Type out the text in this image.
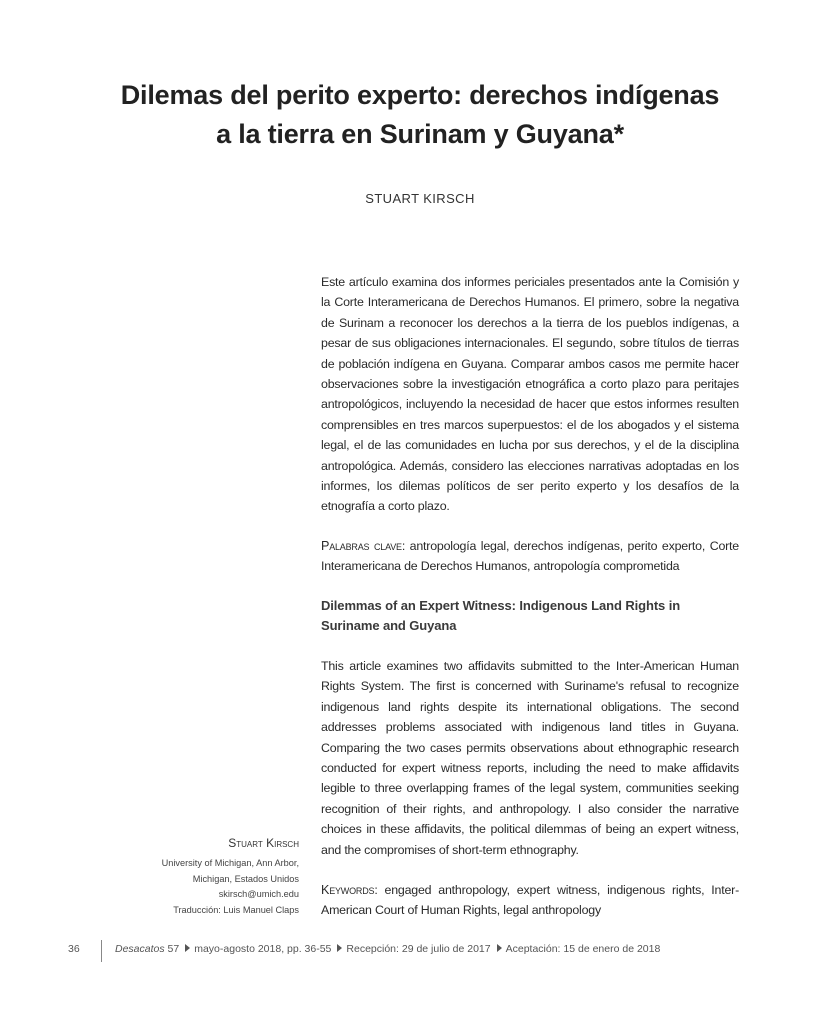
Dilemas del perito experto: derechos indígenas
a la tierra en Surinam y Guyana*
STUART KIRSCH

Este artículo examina dos informes periciales presentados ante la Comisión y la Corte Interamericana de Derechos Humanos. El primero, sobre la negativa de Surinam a reconocer los derechos a la tierra de los pueblos indígenas, a pesar de sus obligaciones internacionales. El segundo, sobre títulos de tierras de población indígena en Guyana. Comparar ambos casos me permite hacer observaciones sobre la investigación etnográfica a corto plazo para peritajes antropológicos, incluyendo la necesidad de hacer que estos informes resulten comprensibles en tres marcos superpuestos: el de los abogados y el sistema legal, el de las comunidades en lucha por sus derechos, y el de la disciplina antropológica. Además, considero las elecciones narrativas adoptadas en los informes, los dilemas políticos de ser perito experto y los desafíos de la etnografía a corto plazo.

Palabras clave: antropología legal, derechos indígenas, perito experto, Corte Interamericana de Derechos Humanos, antropología comprometida
Dilemmas of an Expert Witness: Indigenous Land Rights in Suriname and Guyana

This article examines two affidavits submitted to the Inter-American Human Rights System. The first is concerned with Suriname's refusal to recognize indigenous land rights despite its international obligations. The second addresses problems associated with indigenous land titles in Guyana. Comparing the two cases permits observations about ethnographic research conducted for expert witness reports, including the need to make affidavits legible to three overlapping frames of the legal system, communities seeking recognition of their rights, and anthropology. I also consider the narrative choices in these affidavits, the political dilemmas of being an expert witness, and the compromises of short-term ethnography.

Keywords: engaged anthropology, expert witness, indigenous rights, Inter-American Court of Human Rights, legal anthropology
Stuart Kirsch
University of Michigan, Ann Arbor,
Michigan, Estados Unidos
skirsch@umich.edu
Traducción: Luis Manuel Claps
36	Desacatos 57 mayo-agosto 2018, pp. 36-55 Recepción: 29 de julio de 2017 Aceptación: 15 de enero de 2018
